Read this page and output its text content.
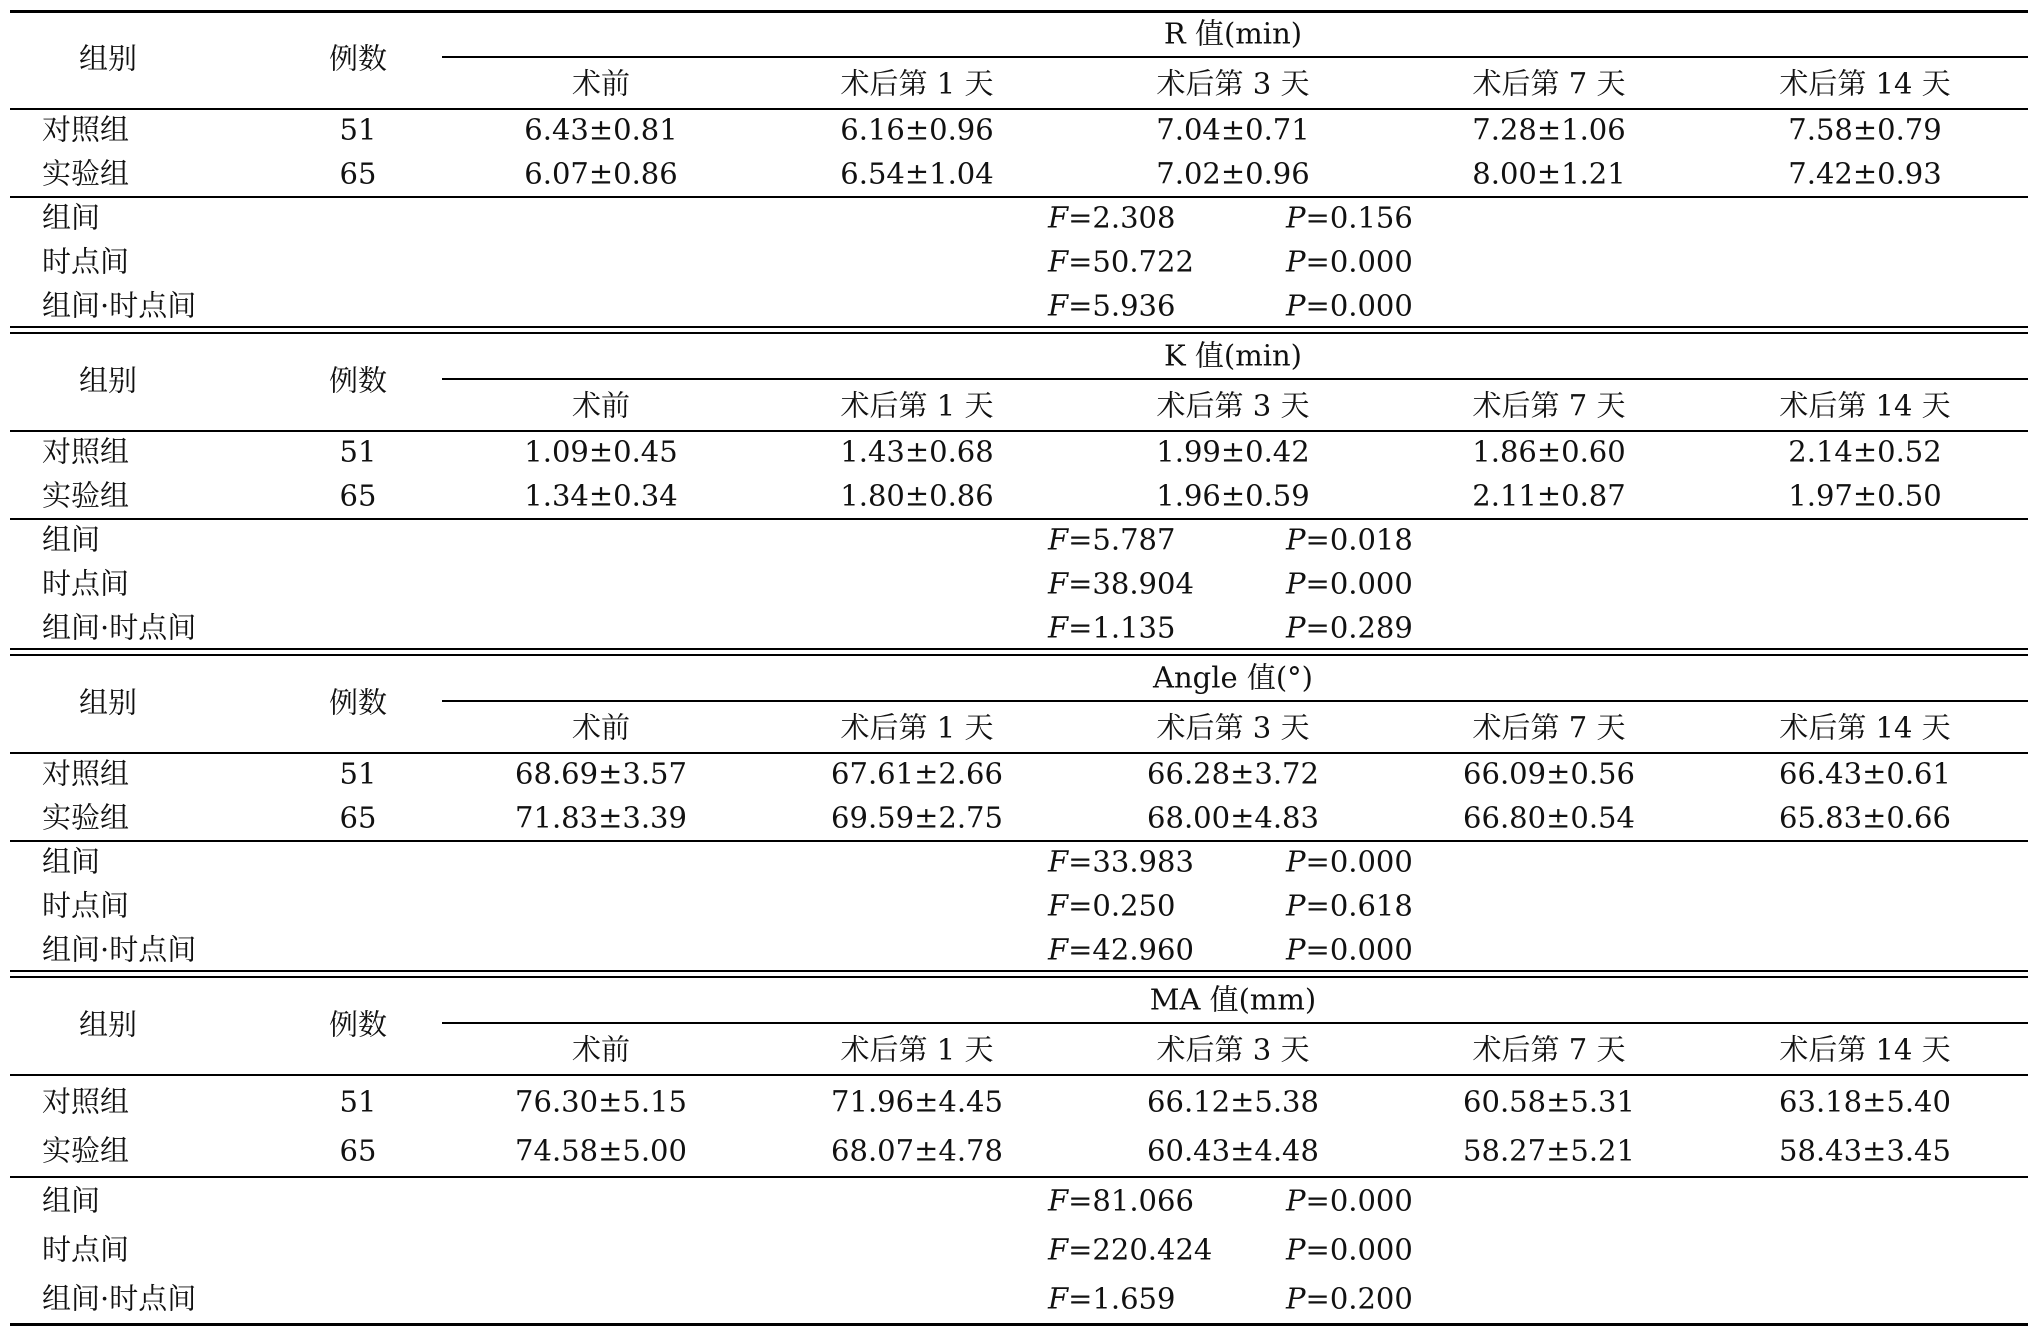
R 值(min)
组别	例数
术前	术后第 1 天	术后第 3 天	术后第 7 天	术后第 14 天
对照组	51	6.43±0.81	6.16±0.96	7.04±0.71	7.28±1.06	7.58±0.79
实验组	65	6.07±0.86	6.54±1.04	7.02±0.96	8.00±1.21	7.42±0.93
组间	F=2.308	P=0.156
时点间	F=50.722	P=0.000
组间·时点间	F=5.936	P=0.000
K 值(min)
组别	例数
术前	术后第 1 天	术后第 3 天	术后第 7 天	术后第 14 天
对照组	51	1.09±0.45	1.43±0.68	1.99±0.42	1.86±0.60	2.14±0.52
实验组	65	1.34±0.34	1.80±0.86	1.96±0.59	2.11±0.87	1.97±0.50
组间	F=5.787	P=0.018
时点间	F=38.904	P=0.000
组间·时点间	F=1.135	P=0.289
Angle 值(°)
组别	例数
术前	术后第 1 天	术后第 3 天	术后第 7 天	术后第 14 天
对照组	51	68.69±3.57	67.61±2.66	66.28±3.72	66.09±0.56	66.43±0.61
实验组	65	71.83±3.39	69.59±2.75	68.00±4.83	66.80±0.54	65.83±0.66
组间	F=33.983	P=0.000
时点间	F=0.250	P=0.618
组间·时点间	F=42.960	P=0.000
MA 值(mm)
组别	例数
术前	术后第 1 天	术后第 3 天	术后第 7 天	术后第 14 天
对照组	51	76.30±5.15	71.96±4.45	66.12±5.38	60.58±5.31	63.18±5.40
实验组	65	74.58±5.00	68.07±4.78	60.43±4.48	58.27±5.21	58.43±3.45
组间	F=81.066	P=0.000
时点间	F=220.424	P=0.000
组间·时点间	F=1.659	P=0.200
